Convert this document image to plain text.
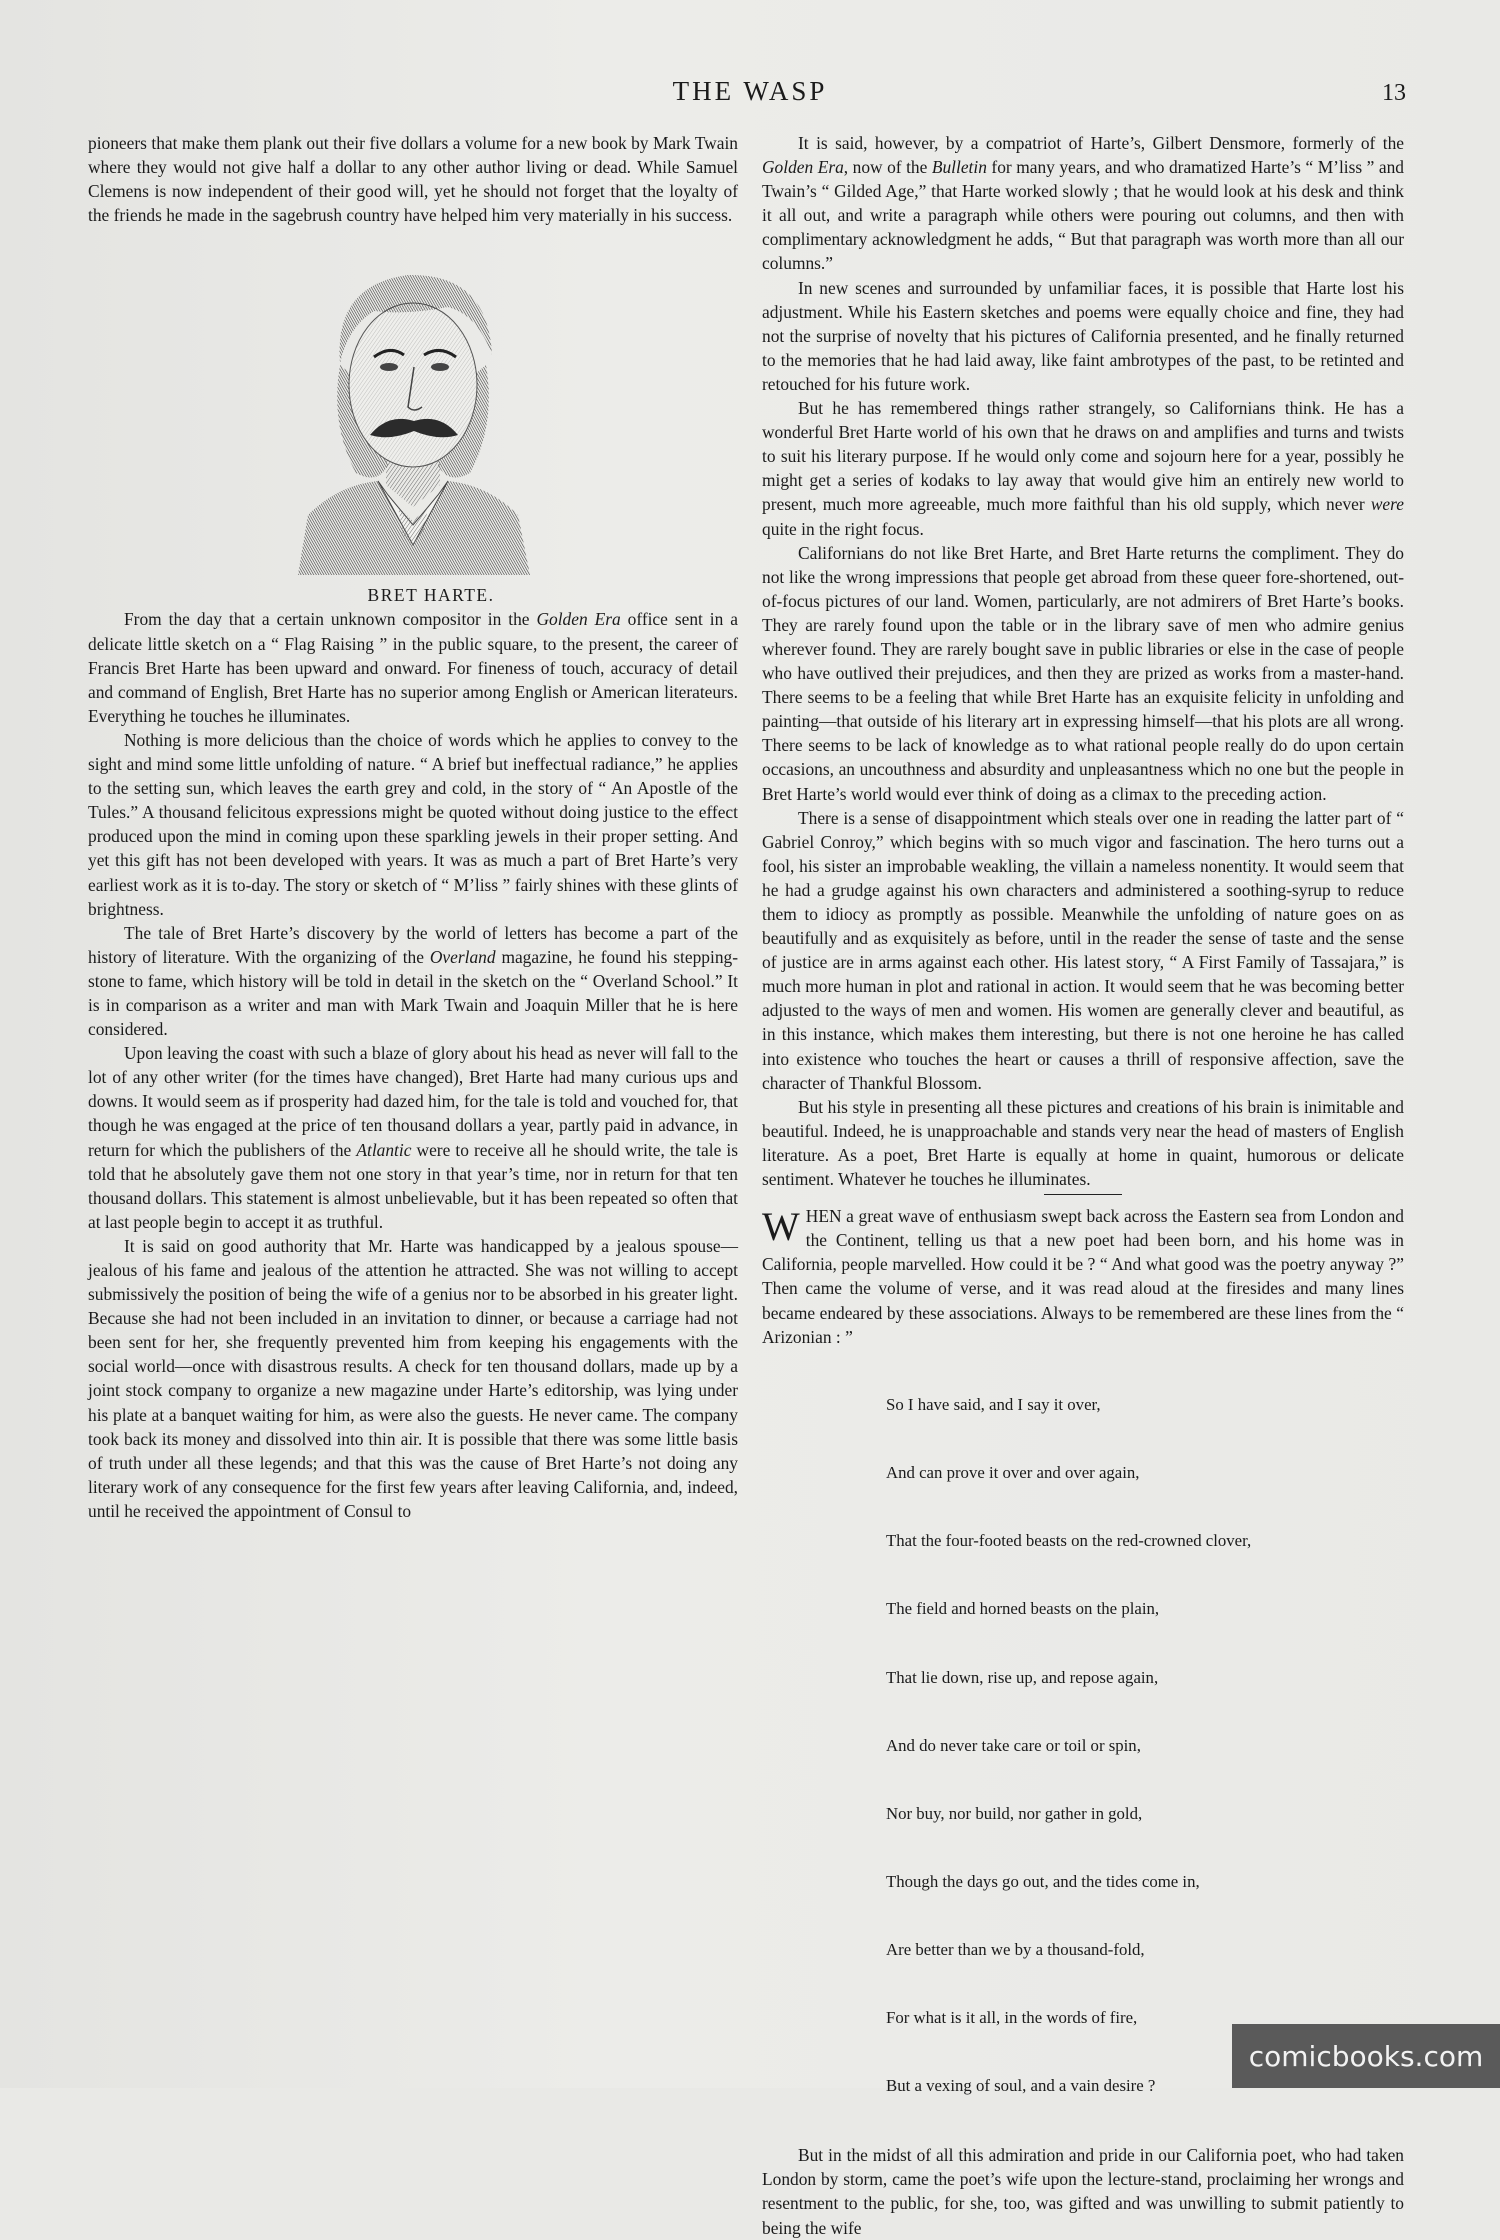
THE WASP	13

pioneers that make them plank out their five dollars a volume for a new book by Mark Twain where they would not give half a dollar to any other author living or dead. While Samuel Clemens is now independent of their good will, yet he should not forget that the loyalty of the friends he made in the sagebrush country have helped him very materially in his success.

BRET HARTE.

From the day that a certain unknown compositor in the Golden Era office sent in a delicate little sketch on a “ Flag Raising ” in the public square, to the present, the career of Francis Bret Harte has been upward and onward. For fineness of touch, accuracy of detail and command of English, Bret Harte has no superior among English or American literateurs. Everything he touches he illuminates.

Nothing is more delicious than the choice of words which he applies to convey to the sight and mind some little unfolding of nature. “ A brief but ineffectual radiance,” he applies to the setting sun, which leaves the earth grey and cold, in the story of “ An Apostle of the Tules.” A thousand felicitous expressions might be quoted without doing justice to the effect produced upon the mind in coming upon these sparkling jewels in their proper setting. And yet this gift has not been developed with years. It was as much a part of Bret Harte’s very earliest work as it is to-day. The story or sketch of “ M’liss ” fairly shines with these glints of brightness.

The tale of Bret Harte’s discovery by the world of letters has become a part of the history of literature. With the organizing of the Overland magazine, he found his stepping-stone to fame, which history will be told in detail in the sketch on the “ Overland School.” It is in comparison as a writer and man with Mark Twain and Joaquin Miller that he is here considered.

Upon leaving the coast with such a blaze of glory about his head as never will fall to the lot of any other writer (for the times have changed), Bret Harte had many curious ups and downs. It would seem as if prosperity had dazed him, for the tale is told and vouched for, that though he was engaged at the price of ten thousand dollars a year, partly paid in advance, in return for which the publishers of the Atlantic were to receive all he should write, the tale is told that he absolutely gave them not one story in that year’s time, nor in return for that ten thousand dollars. This statement is almost unbelievable, but it has been repeated so often that at last people begin to accept it as truthful.

It is said on good authority that Mr. Harte was handicapped by a jealous spouse—jealous of his fame and jealous of the attention he attracted. She was not willing to accept submissively the position of being the wife of a genius nor to be absorbed in his greater light. Because she had not been included in an invitation to dinner, or because a carriage had not been sent for her, she frequently prevented him from keeping his engagements with the social world—once with disastrous results. A check for ten thousand dollars, made up by a joint stock company to organize a new magazine under Harte’s editorship, was lying under his plate at a banquet waiting for him, as were also the guests. He never came. The company took back its money and dissolved into thin air. It is possible that there was some little basis of truth under all these legends; and that this was the cause of Bret Harte’s not doing any literary work of any consequence for the first few years after leaving California, and, indeed, until he received the appointment of Consul to

It is said, however, by a compatriot of Harte’s, Gilbert Densmore, formerly of the Golden Era, now of the Bulletin for many years, and who dramatized Harte’s “ M’liss ” and Twain’s “ Gilded Age,” that Harte worked slowly ; that he would look at his desk and think it all out, and write a paragraph while others were pouring out columns, and then with complimentary acknowledgment he adds, “ But that paragraph was worth more than all our columns.”

In new scenes and surrounded by unfamiliar faces, it is possible that Harte lost his adjustment. While his Eastern sketches and poems were equally choice and fine, they had not the surprise of novelty that his pictures of California presented, and he finally returned to the memories that he had laid away, like faint ambrotypes of the past, to be retinted and retouched for his future work.

But he has remembered things rather strangely, so Californians think. He has a wonderful Bret Harte world of his own that he draws on and amplifies and turns and twists to suit his literary purpose. If he would only come and sojourn here for a year, possibly he might get a series of kodaks to lay away that would give him an entirely new world to present, much more agreeable, much more faithful than his old supply, which never were quite in the right focus.

Californians do not like Bret Harte, and Bret Harte returns the compliment. They do not like the wrong impressions that people get abroad from these queer fore-shortened, out-of-focus pictures of our land. Women, particularly, are not admirers of Bret Harte’s books. They are rarely found upon the table or in the library save of men who admire genius wherever found. They are rarely bought save in public libraries or else in the case of people who have outlived their prejudices, and then they are prized as works from a master-hand. There seems to be a feeling that while Bret Harte has an exquisite felicity in unfolding and painting—that outside of his literary art in expressing himself—that his plots are all wrong. There seems to be lack of knowledge as to what rational people really do do upon certain occasions, an uncouthness and absurdity and unpleasantness which no one but the people in Bret Harte’s world would ever think of doing as a climax to the preceding action.

There is a sense of disappointment which steals over one in reading the latter part of “ Gabriel Conroy,” which begins with so much vigor and fascination. The hero turns out a fool, his sister an improbable weakling, the villain a nameless nonentity. It would seem that he had a grudge against his own characters and administered a soothing-syrup to reduce them to idiocy as promptly as possible. Meanwhile the unfolding of nature goes on as beautifully and as exquisitely as before, until in the reader the sense of taste and the sense of justice are in arms against each other. His latest story, “ A First Family of Tassajara,” is much more human in plot and rational in action. It would seem that he was becoming better adjusted to the ways of men and women. His women are generally clever and beautiful, as in this instance, which makes them interesting, but there is not one heroine he has called into existence who touches the heart or causes a thrill of responsive affection, save the character of Thankful Blossom.

But his style in presenting all these pictures and creations of his brain is inimitable and beautiful. Indeed, he is unapproachable and stands very near the head of masters of English literature. As a poet, Bret Harte is equally at home in quaint, humorous or delicate sentiment. Whatever he touches he illuminates.

WHEN a great wave of enthusiasm swept back across the Eastern sea from London and the Continent, telling us that a new poet had been born, and his home was in California, people marvelled. How could it be ? “ And what good was the poetry anyway ?” Then came the volume of verse, and it was read aloud at the firesides and many lines became endeared by these associations. Always to be remembered are these lines from the “ Arizonian : ”

So I have said, and I say it over,

And can prove it over and over again,

That the four-footed beasts on the red-crowned clover,

The field and horned beasts on the plain,

That lie down, rise up, and repose again,

And do never take care or toil or spin,

Nor buy, nor build, nor gather in gold,

Though the days go out, and the tides come in,

Are better than we by a thousand-fold,

For what is it all, in the words of fire,

But a vexing of soul, and a vain desire ?

But in the midst of all this admiration and pride in our California poet, who had taken London by storm, came the poet’s wife upon the lecture-stand, proclaiming her wrongs and resentment to the public, for she, too, was gifted and was unwilling to submit patiently to being the wife

comicbooks.com
